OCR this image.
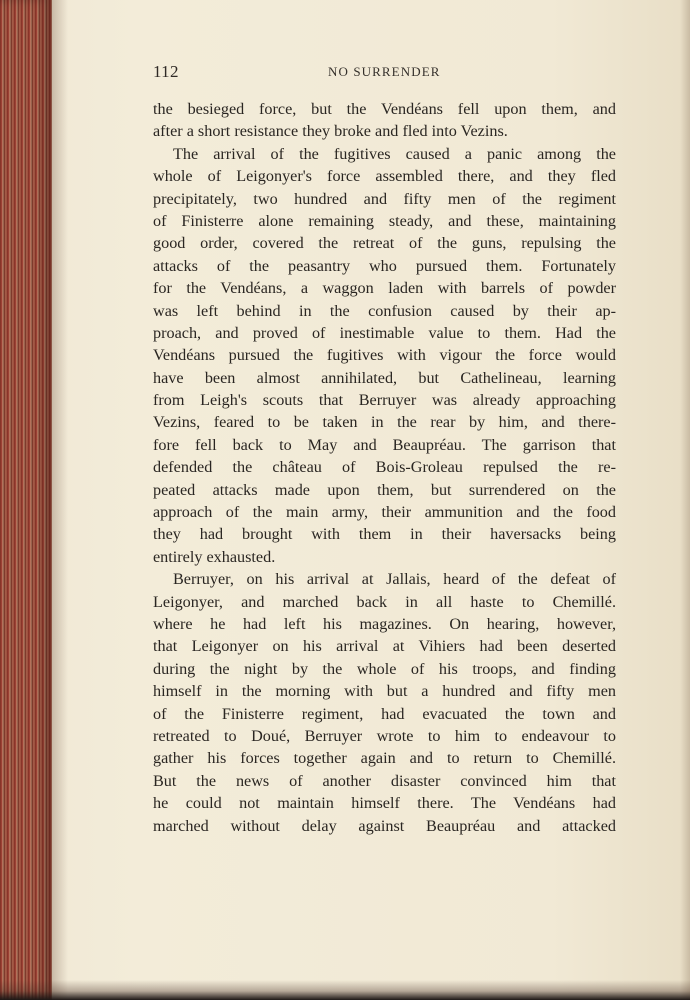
112	NO SURRENDER
the besieged force, but the Vendéans fell upon them, and
after a short resistance they broke and fled into Vezins.
The arrival of the fugitives caused a panic among the
whole of Leigonyer's force assembled there, and they fled
precipitately, two hundred and fifty men of the regiment
of Finisterre alone remaining steady, and these, maintaining
good order, covered the retreat of the guns, repulsing the
attacks of the peasantry who pursued them. Fortunately
for the Vendéans, a waggon laden with barrels of powder
was left behind in the confusion caused by their ap-
proach, and proved of inestimable value to them. Had the
Vendéans pursued the fugitives with vigour the force would
have been almost annihilated, but Cathelineau, learning
from Leigh's scouts that Berruyer was already approaching
Vezins, feared to be taken in the rear by him, and there-
fore fell back to May and Beaupréau. The garrison that
defended the château of Bois-Groleau repulsed the re-
peated attacks made upon them, but surrendered on the
approach of the main army, their ammunition and the food
they had brought with them in their haversacks being
entirely exhausted.
Berruyer, on his arrival at Jallais, heard of the defeat of
Leigonyer, and marched back in all haste to Chemillé.
where he had left his magazines. On hearing, however,
that Leigonyer on his arrival at Vihiers had been deserted
during the night by the whole of his troops, and finding
himself in the morning with but a hundred and fifty men
of the Finisterre regiment, had evacuated the town and
retreated to Doué, Berruyer wrote to him to endeavour to
gather his forces together again and to return to Chemillé.
But the news of another disaster convinced him that
he could not maintain himself there. The Vendéans had
marched without delay against Beaupréau and attacked
